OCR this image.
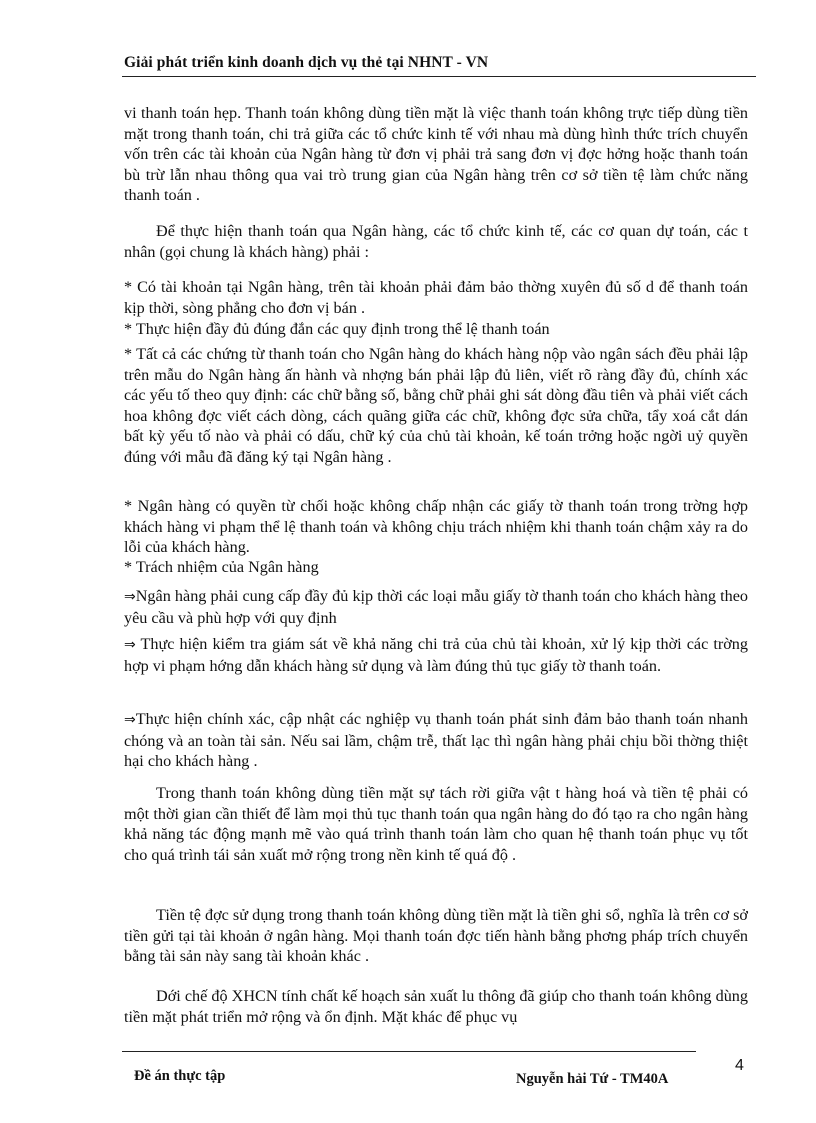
Giải phát triển kinh doanh dịch vụ thẻ tại NHNT - VN

vi thanh toán hẹp. Thanh toán không dùng tiền mặt là việc thanh toán không trực tiếp dùng tiền mặt trong thanh toán, chi trả giữa các tổ chức kinh tế với nhau mà dùng hình thức trích chuyển vốn trên các tài khoản của Ngân hàng từ đơn vị phải trả sang đơn vị đợc hởng hoặc thanh toán bù trừ lẫn nhau thông qua vai trò trung gian của Ngân hàng trên cơ sở tiền tệ làm chức năng thanh toán .

Để thực hiện thanh toán qua Ngân hàng, các tổ chức kinh tế, các cơ quan dự toán, các t nhân (gọi chung là khách hàng) phải :

* Có tài khoản tại Ngân hàng, trên tài khoản phải đảm bảo thờng xuyên đủ số d để thanh toán kịp thời, sòng phẳng cho đơn vị bán .

* Thực hiện đầy đủ đúng đắn các quy định trong thể lệ thanh toán

* Tất cả các chứng từ thanh toán cho Ngân hàng do khách hàng nộp vào ngân sách đều phải lập trên mẫu do Ngân hàng ấn hành và nhợng bán phải lập đủ liên, viết rõ ràng đầy đủ, chính xác các yếu tố theo quy định: các chữ bằng số, bằng chữ phải ghi sát dòng đầu tiên và phải viết cách hoa không đợc viết cách dòng, cách quãng giữa các chữ, không đợc sửa chữa, tẩy xoá cắt dán bất kỳ yếu tố nào và phải có dấu, chữ ký của chủ tài khoản, kế toán trởng hoặc ngời uỷ quyền đúng với mẫu đã đăng ký tại Ngân hàng .

* Ngân hàng có quyền từ chối hoặc không chấp nhận các giấy tờ thanh toán trong trờng hợp khách hàng vi phạm thể lệ thanh toán và không chịu trách nhiệm khi thanh toán chậm xảy ra do lỗi của khách hàng.

* Trách nhiệm của Ngân hàng

⇒Ngân hàng phải cung cấp đầy đủ kịp thời các loại mẫu giấy tờ thanh toán cho khách hàng theo yêu cầu và phù hợp với quy định

⇒ Thực hiện kiểm tra giám sát về khả năng chi trả của chủ tài khoản, xử lý kịp thời các trờng hợp vi phạm hớng dẫn khách hàng sử dụng và làm đúng thủ tục giấy tờ thanh toán.

⇒Thực hiện chính xác, cập nhật các nghiệp vụ thanh toán phát sinh đảm bảo thanh toán nhanh chóng và an toàn tài sản. Nếu sai lầm, chậm trễ, thất lạc thì ngân hàng phải chịu bồi thờng thiệt hại cho khách hàng .

Trong thanh toán không dùng tiền mặt sự tách rời giữa vật t hàng hoá và tiền tệ phải có một thời gian cần thiết để làm mọi thủ tục thanh toán qua ngân hàng do đó tạo ra cho ngân hàng khả năng tác động mạnh mẽ vào quá trình thanh toán làm cho quan hệ thanh toán phục vụ tốt cho quá trình tái sản xuất mở rộng trong nền kinh tế quá độ .

Tiền tệ đợc sử dụng trong thanh toán không dùng tiền mặt là tiền ghi sổ, nghĩa là trên cơ sở tiền gửi tại tài khoản ở ngân hàng. Mọi thanh toán đợc tiến hành bằng phơng pháp trích chuyển bằng tài sản này sang tài khoản khác .

Dới chế độ XHCN tính chất kế hoạch sản xuất lu thông đã giúp cho thanh toán không dùng tiền mặt phát triển mở rộng và ổn định. Mặt khác để phục vụ

Đề án thực tập	Nguyễn hải Tứ - TM40A
4
